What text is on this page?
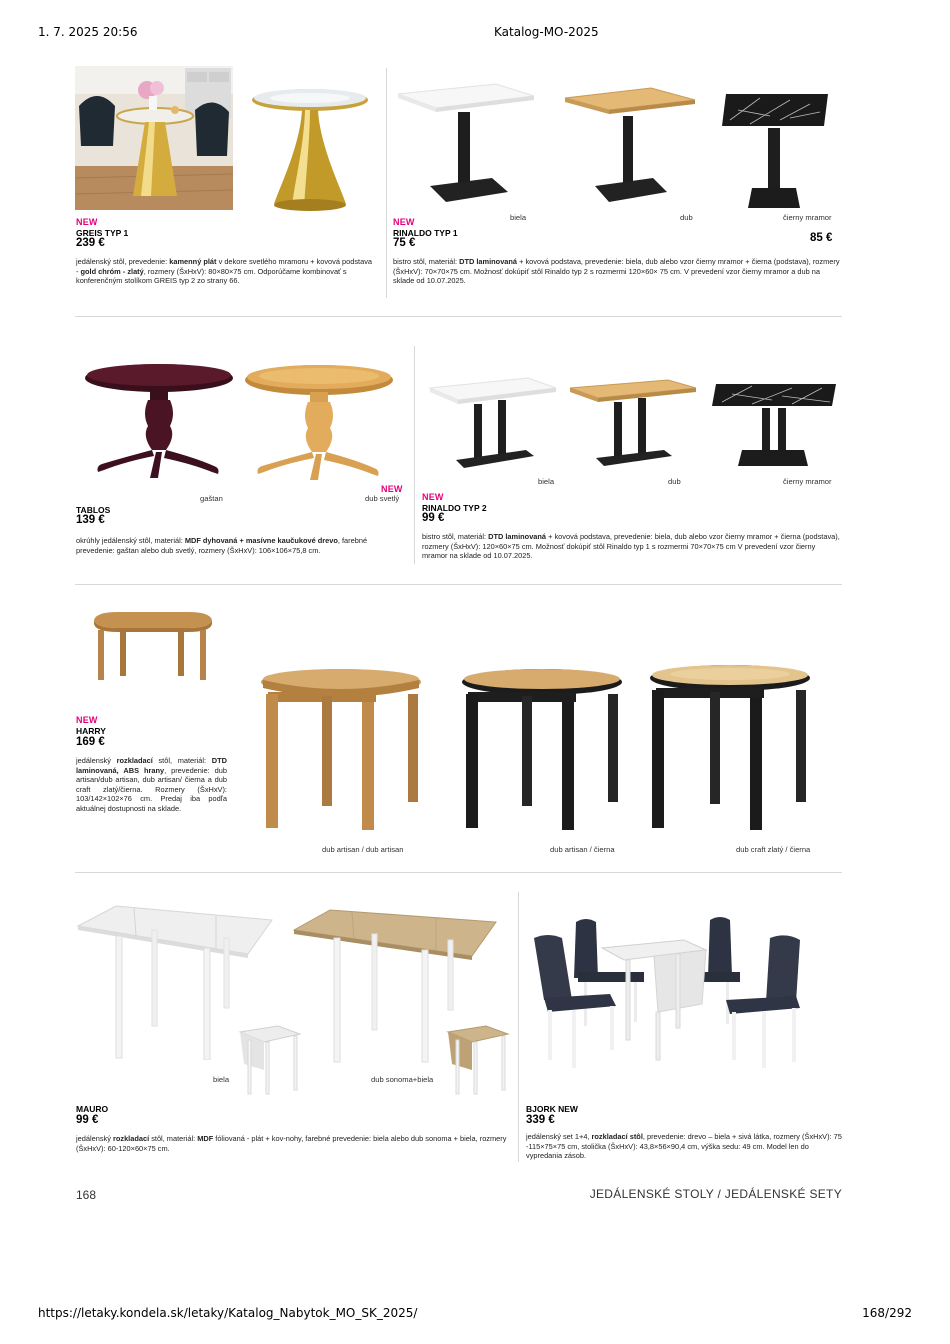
1. 7. 2025 20:56	Katalog-MO-2025
NEW
GREIS TYP 1
239 €
jedálenský stôl, prevedenie: kamenný plát v dekore svetlého mramoru + kovová podstava - gold chróm - zlatý, rozmery (ŠxHxV): 80×80×75 cm. Odporúčame kombinovať s konferenčným stolíkom GREIS typ 2 zo strany 66.
biela	dub	čierny mramor
NEW
RINALDO TYP 1
75 €	85 €
bistro stôl, materiál: DTD laminovaná + kovová podstava, prevedenie: biela, dub alebo vzor čierny mramor + čierna (podstava), rozmery (ŠxHxV): 70×70×75 cm. Možnosť dokúpiť stôl Rinaldo typ 2 s rozmermi 120×60× 75 cm. V prevedení vzor čierny mramor a dub na sklade od 10.07.2025.
NEW
gaštan	dub svetlý
TABLOS
139 €
okrúhly jedálenský stôl, materiál: MDF dyhovaná + masívne kaučukové drevo, farebné prevedenie: gaštan alebo dub svetlý, rozmery (ŠxHxV): 106×106×75,8 cm.
biela	dub	čierny mramor
NEW
RINALDO TYP 2
99 €
bistro stôl, materiál: DTD laminovaná + kovová podstava, prevedenie: biela, dub alebo vzor čierny mramor + čierna (podstava), rozmery (ŠxHxV): 120×60×75 cm. Možnosť dokúpiť stôl Rinaldo typ 1 s rozmermi 70×70×75 cm V prevedení vzor čierny mramor na sklade od 10.07.2025.
NEW
HARRY
169 €
jedálenský rozkladací stôl, materiál: DTD laminovaná, ABS hrany, prevedenie: dub artisan/dub artisan, dub artisan/ čierna a dub craft zlatý/čierna. Rozmery (ŠxHxV): 103/142×102×76 cm. Predaj iba podľa aktuálnej dostupnosti na sklade.
dub artisan / dub artisan	dub artisan / čierna	dub craft zlatý / čierna
biela	dub sonoma+biela
MAURO
99 €
jedálenský rozkladací stôl, materiál: MDF fóliovaná - plát + kov-nohy, farebné prevedenie: biela alebo dub sonoma + biela, rozmery (ŠxHxV): 60-120×60×75 cm.
BJORK NEW
339 €
jedálenský set 1+4, rozkladací stôl, prevedenie: drevo – biela + sivá látka, rozmery (ŠxHxV): 75 -115×75×75 cm, stolička (ŠxHxV): 43,8×56×90,4 cm, výška sedu: 49 cm. Model len do vypredania zásob.
168	JEDÁLENSKÉ STOLY / JEDÁLENSKÉ SETY
https://letaky.kondela.sk/letaky/Katalog_Nabytok_MO_SK_2025/	168/292
